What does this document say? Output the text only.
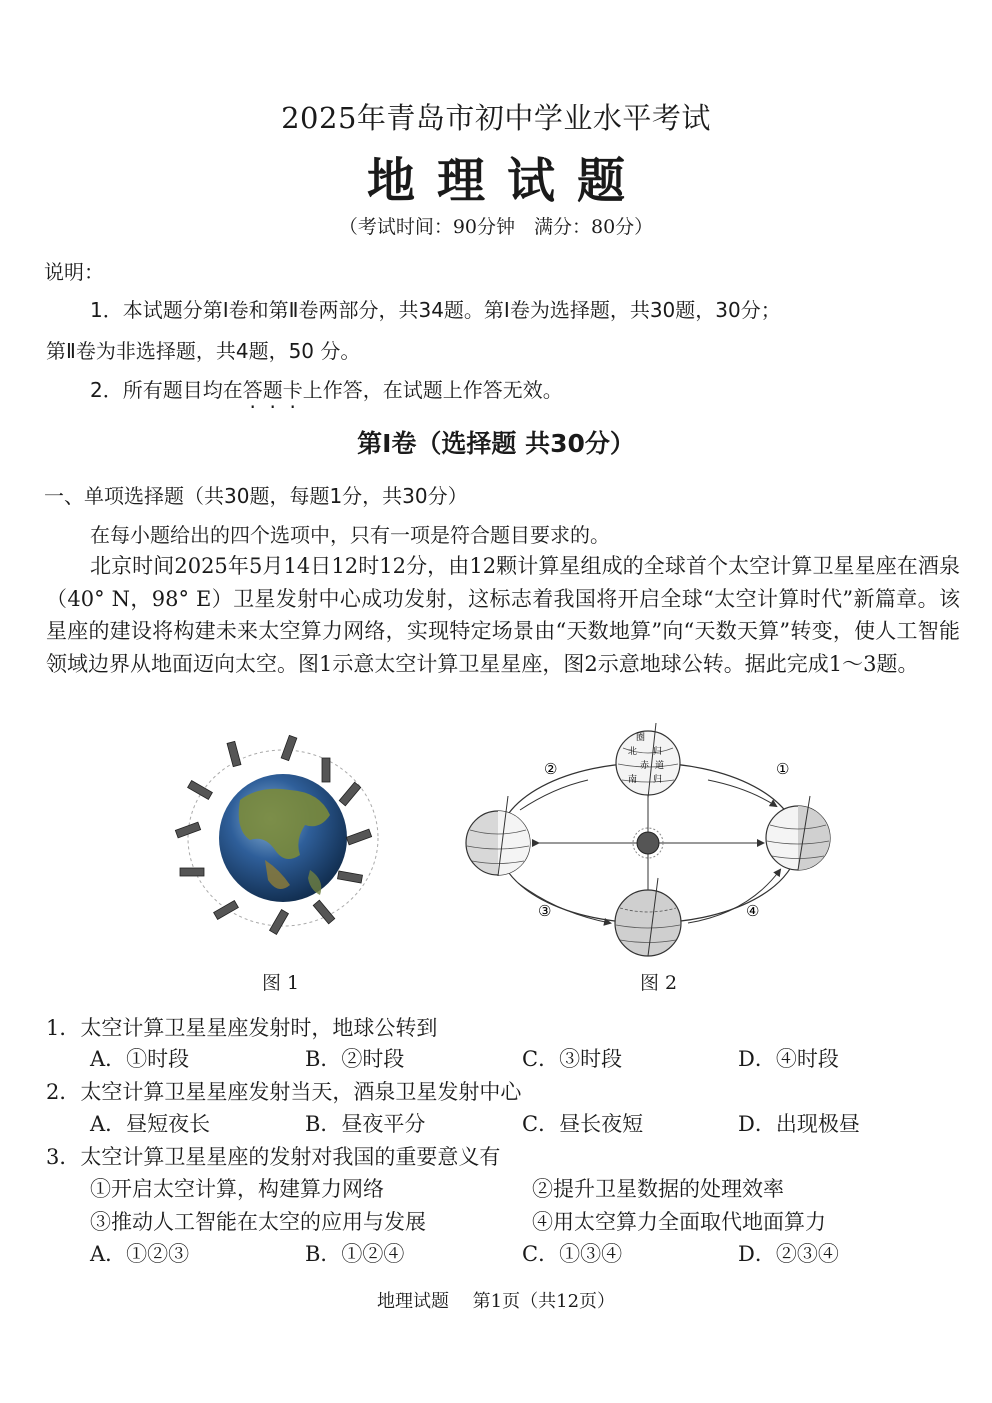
2025年青岛市初中学业水平考试
地理试题
（考试时间：90分钟　满分：80分）
说明：
1．本试题分第Ⅰ卷和第Ⅱ卷两部分，共34题。第Ⅰ卷为选择题，共30题，30分；
第Ⅱ卷为非选择题，共4题，50 分。
2．所有题目均在答题卡上作答，在试题上作答无效。
第Ⅰ卷（选择题 共30分）
一、单项选择题（共30题，每题1分，共30分）
在每小题给出的四个选项中，只有一项是符合题目要求的。
北京时间2025年5月14日12时12分，由12颗计算星组成的全球首个太空计算卫星星座在酒泉（40° N，98° E）卫星发射中心成功发射，这标志着我国将开启全球“太空计算时代”新篇章。该星座的建设将构建未来太空算力网络，实现特定场景由“天数地算”向“天数天算”转变，使人工智能领域边界从地面迈向太空。图1示意太空计算卫星星座，图2示意地球公转。据此完成1～3题。
图 1
圈
北 归
赤 道
南 归
①
②
③	④
图 2
1．太空计算卫星星座发射时，地球公转到
A．①时段	B．②时段	C．③时段	D．④时段
2．太空计算卫星星座发射当天，酒泉卫星发射中心
A．昼短夜长	B．昼夜平分	C．昼长夜短	D．出现极昼
3．太空计算卫星星座的发射对我国的重要意义有
①开启太空计算，构建算力网络	②提升卫星数据的处理效率
③推动人工智能在太空的应用与发展	④用太空算力全面取代地面算力
A．①②③	B．①②④	C．①③④	D．②③④
地理试题　 第1页（共12页）
